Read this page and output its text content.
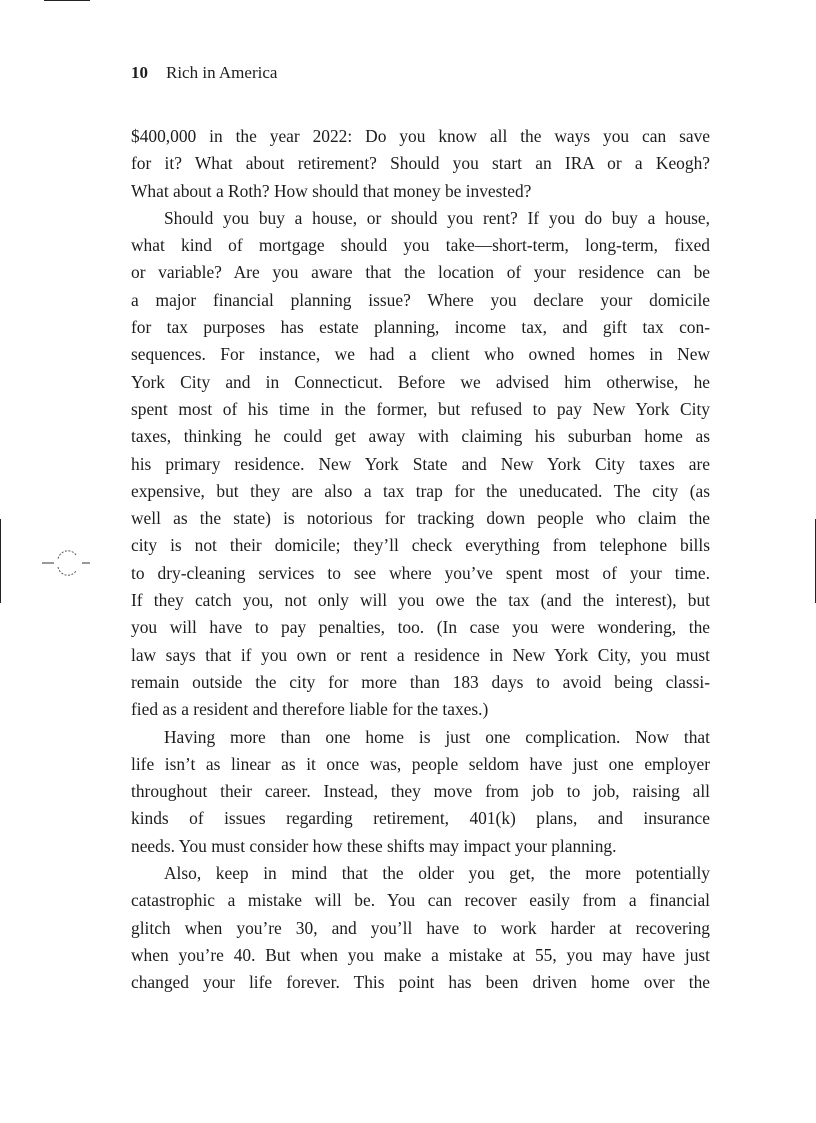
10 Rich in America
$400,000 in the year 2022: Do you know all the ways you can save
for it? What about retirement? Should you start an IRA or a Keogh?
What about a Roth? How should that money be invested?
Should you buy a house, or should you rent? If you do buy a house,
what kind of mortgage should you take—short-term, long-term, fixed
or variable? Are you aware that the location of your residence can be
a major financial planning issue? Where you declare your domicile
for tax purposes has estate planning, income tax, and gift tax con-
sequences. For instance, we had a client who owned homes in New
York City and in Connecticut. Before we advised him otherwise, he
spent most of his time in the former, but refused to pay New York City
taxes, thinking he could get away with claiming his suburban home as
his primary residence. New York State and New York City taxes are
expensive, but they are also a tax trap for the uneducated. The city (as
well as the state) is notorious for tracking down people who claim the
city is not their domicile; they’ll check everything from telephone bills
to dry-cleaning services to see where you’ve spent most of your time.
If they catch you, not only will you owe the tax (and the interest), but
you will have to pay penalties, too. (In case you were wondering, the
law says that if you own or rent a residence in New York City, you must
remain outside the city for more than 183 days to avoid being classi-
fied as a resident and therefore liable for the taxes.)
Having more than one home is just one complication. Now that
life isn’t as linear as it once was, people seldom have just one employer
throughout their career. Instead, they move from job to job, raising all
kinds of issues regarding retirement, 401(k) plans, and insurance
needs. You must consider how these shifts may impact your planning.
Also, keep in mind that the older you get, the more potentially
catastrophic a mistake will be. You can recover easily from a financial
glitch when you’re 30, and you’ll have to work harder at recovering
when you’re 40. But when you make a mistake at 55, you may have just
changed your life forever. This point has been driven home over the
